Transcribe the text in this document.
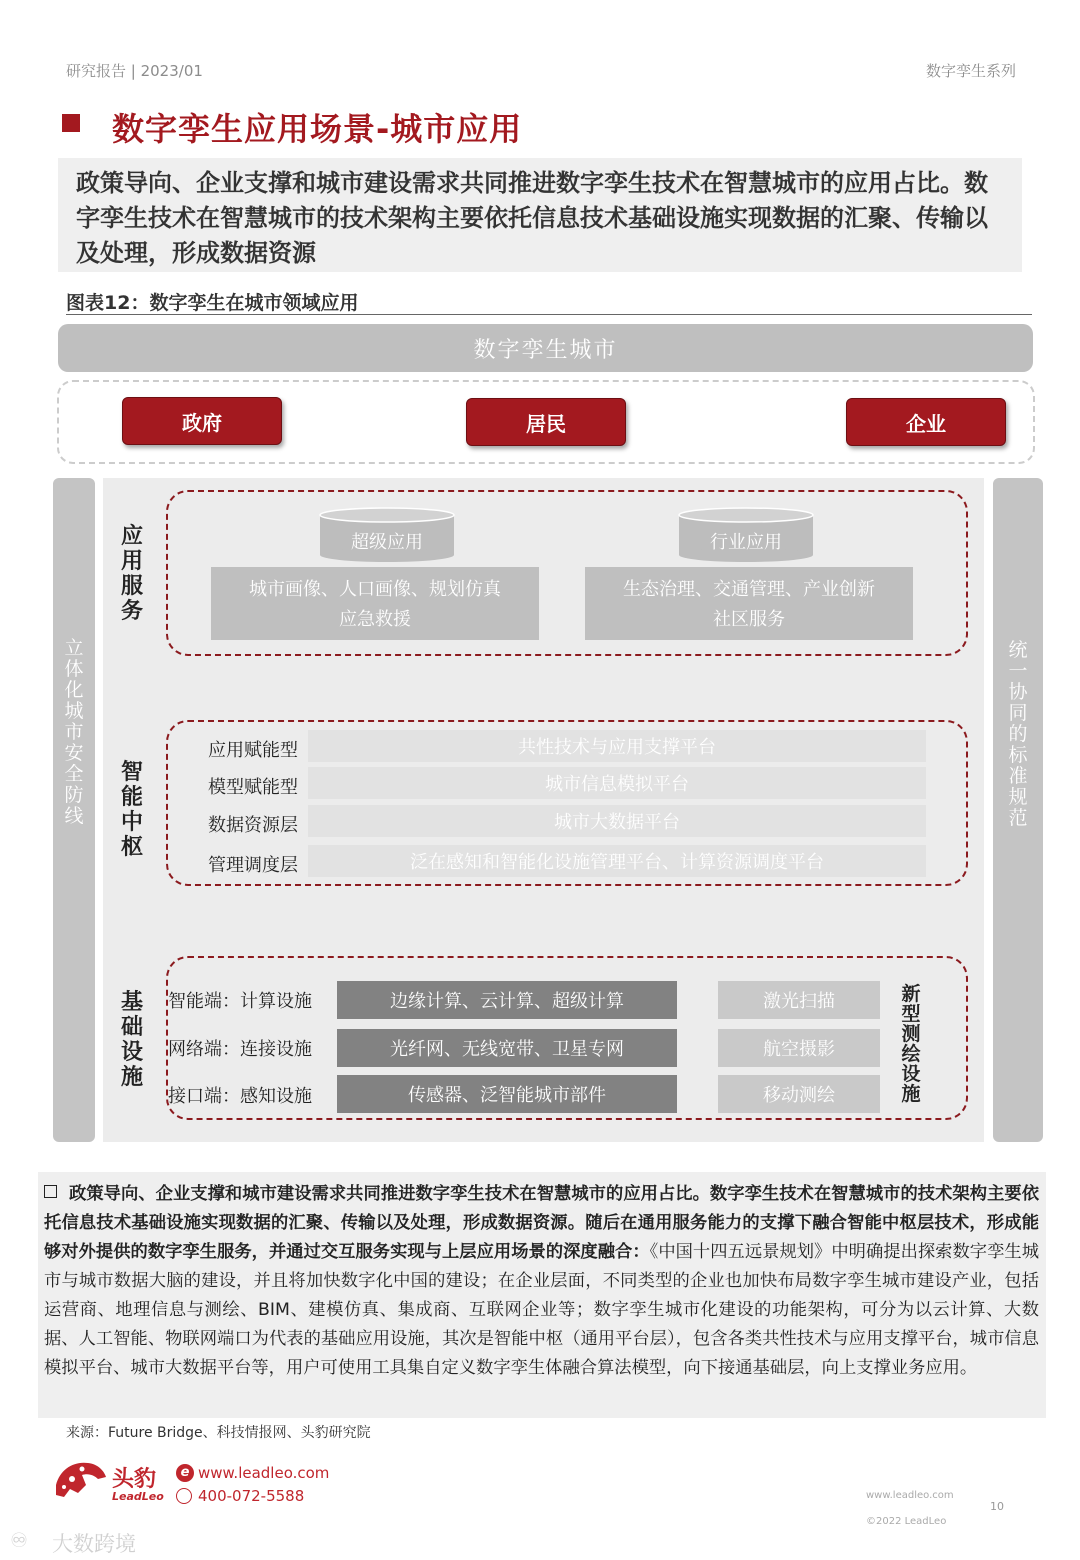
研究报告 | 2023/01	数字孪生系列
数字孪生应用场景-城市应用
政策导向、企业支撑和城市建设需求共同推进数字孪生技术在智慧城市的应用占比。数字孪生技术在智慧城市的技术架构主要依托信息技术基础设施实现数据的汇聚、传输以及处理，形成数据资源
图表12：数字孪生在城市领域应用
数字孪生城市
政府	居民	企业
立体化城市安全防线
统一协同的标准规范
应用服务
超级应用	行业应用
城市画像、人口画像、规划仿真
应急救援
生态治理、交通管理、产业创新
社区服务
智能中枢
应用赋能型	共性技术与应用支撑平台
模型赋能型	城市信息模拟平台
数据资源层	城市大数据平台
管理调度层	泛在感知和智能化设施管理平台、计算资源调度平台
基础设施
智能端：计算设施	边缘计算、云计算、超级计算	激光扫描
网络端：连接设施	光纤网、无线宽带、卫星专网	航空摄影
接口端：感知设施	传感器、泛智能城市部件	移动测绘
新型测绘设施
政策导向、企业支撑和城市建设需求共同推进数字孪生技术在智慧城市的应用占比。数字孪生技术在智慧城市的技术架构主要依托信息技术基础设施实现数据的汇聚、传输以及处理，形成数据资源。随后在通用服务能力的支撑下融合智能中枢层技术，形成能够对外提供的数字孪生服务，并通过交互服务实现与上层应用场景的深度融合：《中国十四五远景规划》中明确提出探索数字孪生城市与城市数据大脑的建设，并且将加快数字化中国的建设；在企业层面，不同类型的企业也加快布局数字孪生城市建设产业，包括运营商、地理信息与测绘、BIM、建模仿真、集成商、互联网企业等；数字孪生城市化建设的功能架构，可分为以云计算、大数据、人工智能、物联网端口为代表的基础应用设施，其次是智能中枢（通用平台层），包含各类共性技术与应用支撑平台，城市信息模拟平台、城市大数据平台等，用户可使用工具集自定义数字孪生体融合算法模型，向下接通基础层，向上支撑业务应用。
来源：Future Bridge、科技情报网、头豹研究院
头豹
LeadLeo
e www.leadleo.com
400-072-5588	www.leadleo.com
©2022 LeadLeo
10
♾ 大数跨境
